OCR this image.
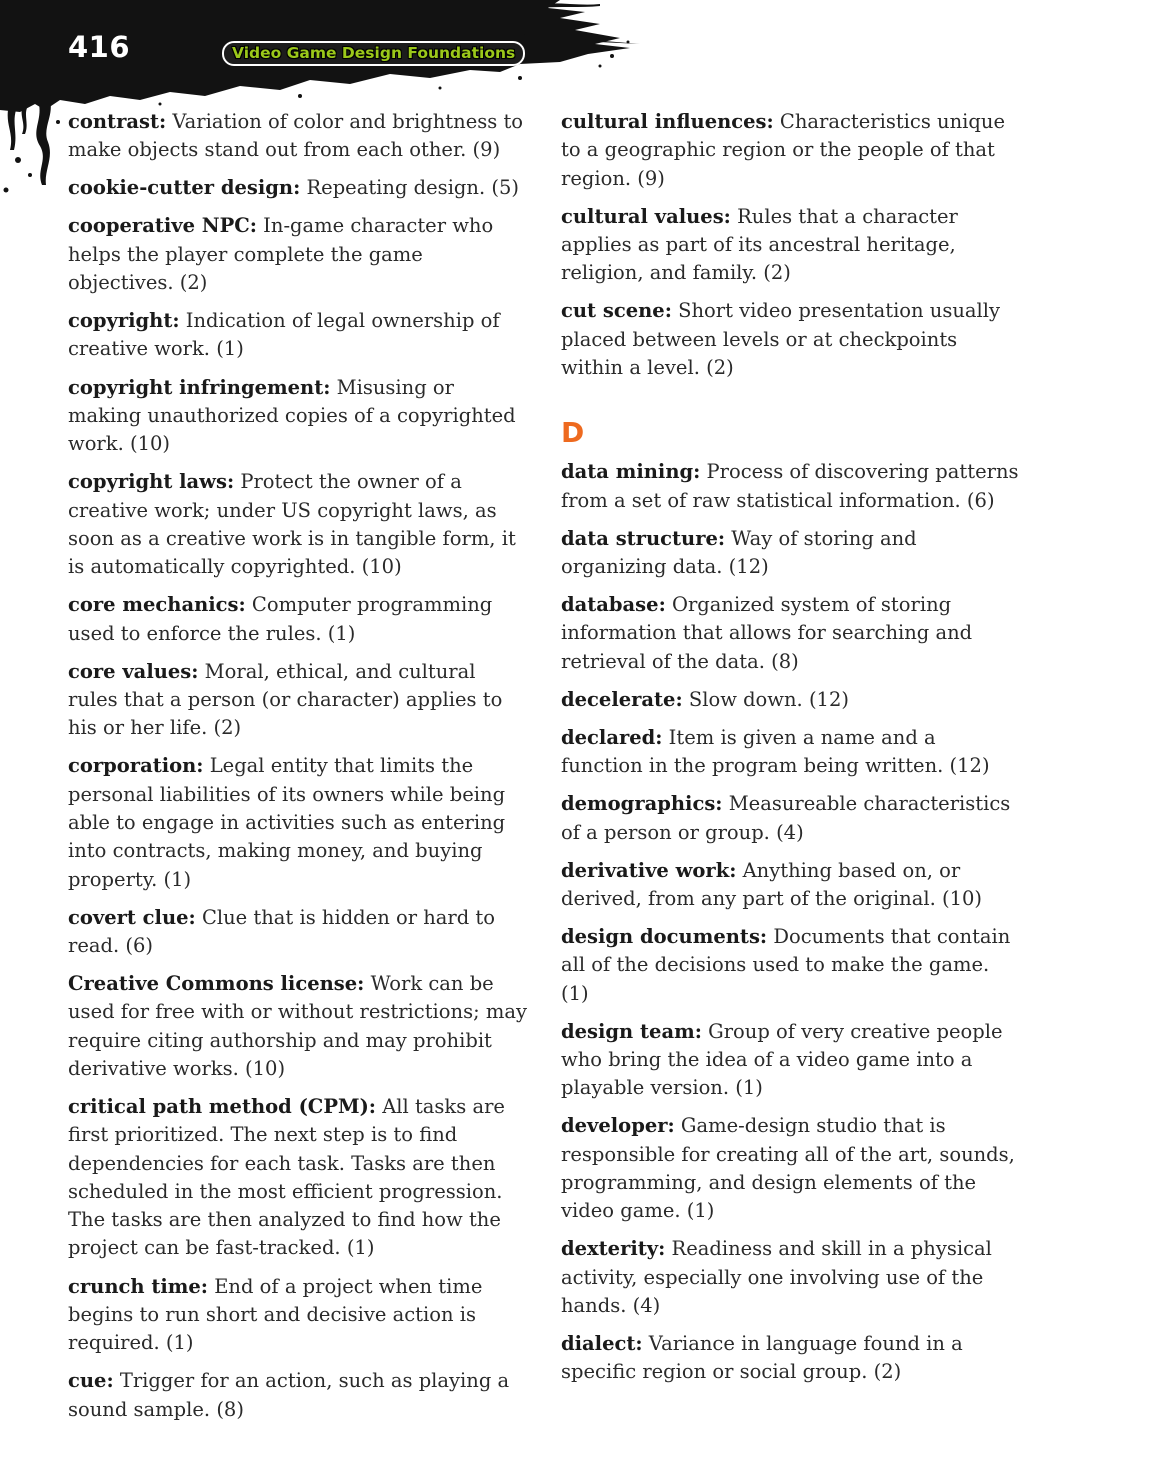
416	Video Game Design Foundations

contrast: Variation of color and brightness to make objects stand out from each other. (9)

cookie-cutter design: Repeating design. (5)

cooperative NPC: In-game character who helps the player complete the game objectives. (2)

copyright: Indication of legal ownership of creative work. (1)

copyright infringement: Misusing or making unauthorized copies of a copyrighted work. (10)

copyright laws: Protect the owner of a creative work; under US copyright laws, as soon as a creative work is in tangible form, it is automatically copyrighted. (10)

core mechanics: Computer programming used to enforce the rules. (1)

core values: Moral, ethical, and cultural rules that a person (or character) applies to his or her life. (2)

corporation: Legal entity that limits the personal liabilities of its owners while being able to engage in activities such as entering into contracts, making money, and buying property. (1)

covert clue: Clue that is hidden or hard to read. (6)

Creative Commons license: Work can be used for free with or without restrictions; may require citing authorship and may prohibit derivative works. (10)

critical path method (CPM): All tasks are first prioritized. The next step is to find dependencies for each task. Tasks are then scheduled in the most efficient progression. The tasks are then analyzed to find how the project can be fast-tracked. (1)

crunch time: End of a project when time begins to run short and decisive action is required. (1)

cue: Trigger for an action, such as playing a sound sample. (8)

cultural influences: Characteristics unique to a geographic region or the people of that region. (9)

cultural values: Rules that a character applies as part of its ancestral heritage, religion, and family. (2)

cut scene: Short video presentation usually placed between levels or at checkpoints within a level. (2)

D

data mining: Process of discovering patterns from a set of raw statistical information. (6)

data structure: Way of storing and organizing data. (12)

database: Organized system of storing information that allows for searching and retrieval of the data. (8)

decelerate: Slow down. (12)

declared: Item is given a name and a function in the program being written. (12)

demographics: Measureable characteristics of a person or group. (4)

derivative work: Anything based on, or derived, from any part of the original. (10)

design documents: Documents that contain all of the decisions used to make the game. (1)

design team: Group of very creative people who bring the idea of a video game into a playable version. (1)

developer: Game-design studio that is responsible for creating all of the art, sounds, programming, and design elements of the video game. (1)

dexterity: Readiness and skill in a physical activity, especially one involving use of the hands. (4)

dialect: Variance in language found in a specific region or social group. (2)
